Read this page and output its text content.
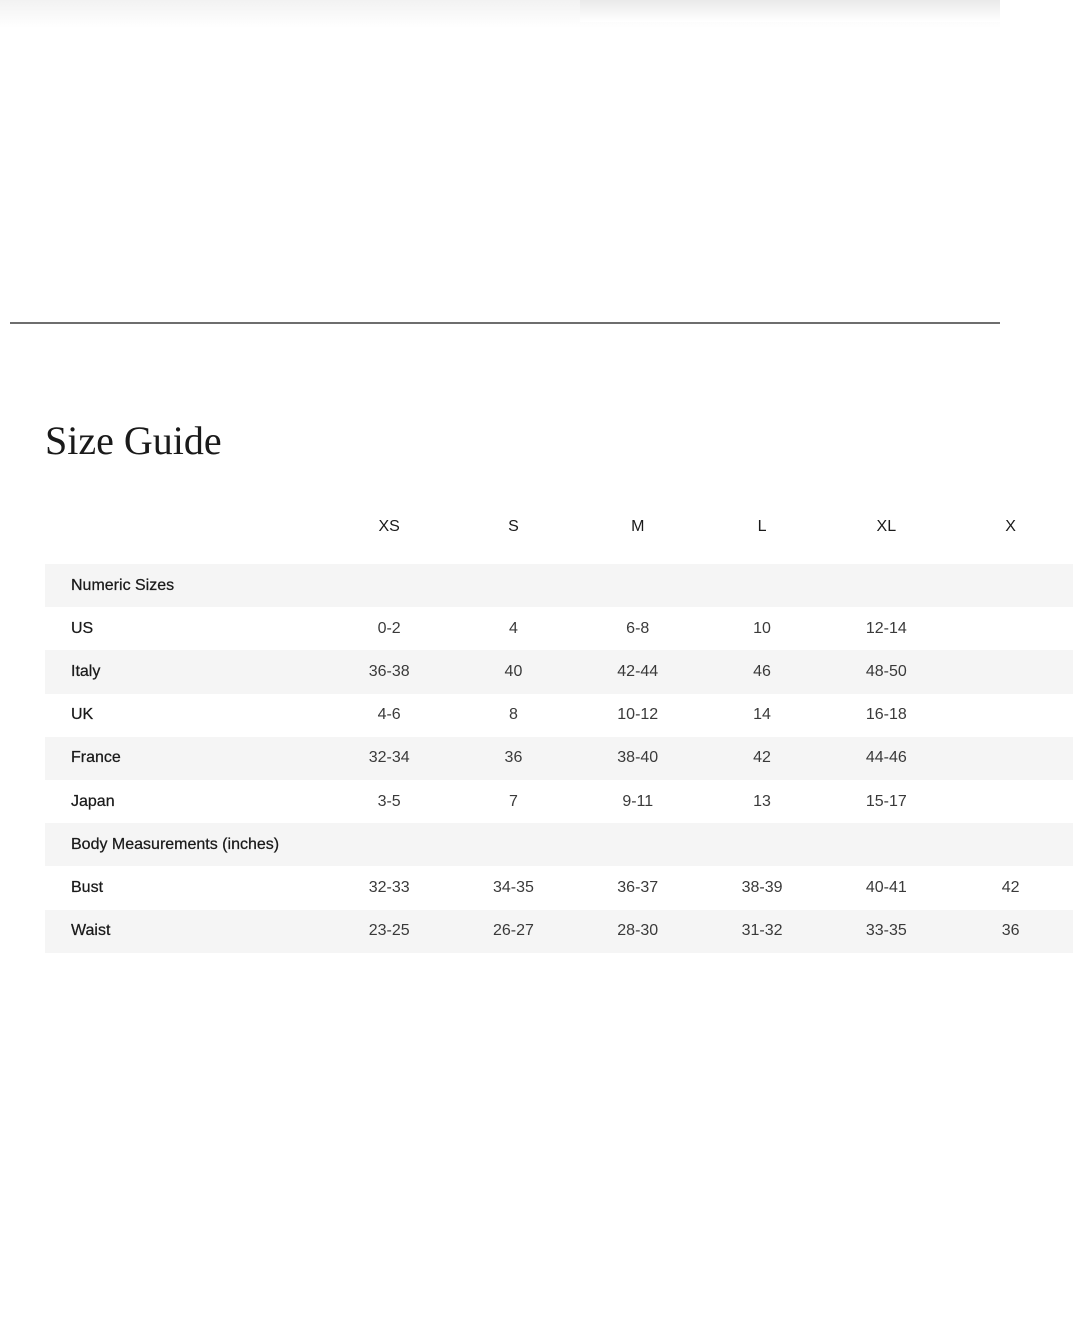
Size Guide
	XS	S	M	L	XL	X

Numeric Sizes						
US	0-2	4	6-8	10	12-14	
Italy	36-38	40	42-44	46	48-50	
UK	4-6	8	10-12	14	16-18	
France	32-34	36	38-40	42	44-46	
Japan	3-5	7	9-11	13	15-17	
Body Measurements (inches)						
Bust	32-33	34-35	36-37	38-39	40-41	42
Waist	23-25	26-27	28-30	31-32	33-35	36
